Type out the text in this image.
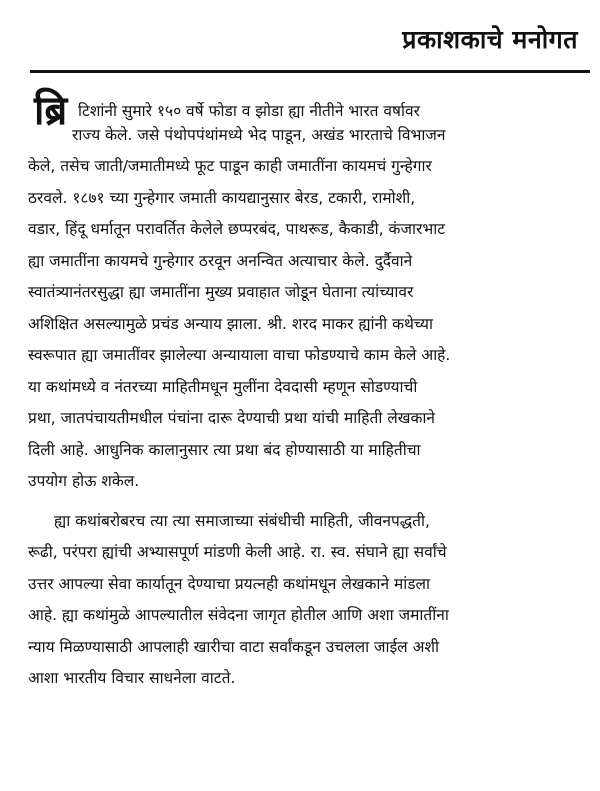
प्रकाशकाचे मनोगत
ब्रि टिशांनी सुमारे १५० वर्षे फोडा व झोडा ह्या नीतीने भारत वर्षावर
राज्य केले. जसे पंथोपपंथांमध्ये भेद पाडून, अखंड भारताचे विभाजन
केले, तसेच जाती/जमातीमध्ये फूट पाडून काही जमातींना कायमचं गुन्हेगार
ठरवले. १८७१ च्या गुन्हेगार जमाती कायद्यानुसार बेरड, टकारी, रामोशी,
वडार, हिंदू धर्मातून परावर्तित केलेले छप्परबंद, पाथरूड, कैकाडी, कंजारभाट
ह्या जमातींना कायमचे गुन्हेगार ठरवून अनन्वित अत्याचार केले. दुर्दैवाने
स्वातंत्र्यानंतरसुद्धा ह्या जमातींना मुख्य प्रवाहात जोडून घेताना त्यांच्यावर
अशिक्षित असल्यामुळे प्रचंड अन्याय झाला. श्री. शरद माकर ह्यांनी कथेच्या
स्वरूपात ह्या जमातींवर झालेल्या अन्यायाला वाचा फोडण्याचे काम केले आहे.
या कथांमध्ये व नंतरच्या माहितीमधून मुलींना देवदासी म्हणून सोडण्याची
प्रथा, जातपंचायतीमधील पंचांना दारू देण्याची प्रथा यांची माहिती लेखकाने
दिली आहे. आधुनिक कालानुसार त्या प्रथा बंद होण्यासाठी या माहितीचा
उपयोग होऊ शकेल.
ह्या कथांबरोबरच त्या त्या समाजाच्या संबंधीची माहिती, जीवनपद्धती,
रूढी, परंपरा ह्यांची अभ्यासपूर्ण मांडणी केली आहे. रा. स्व. संघाने ह्या सर्वांचे
उत्तर आपल्या सेवा कार्यातून देण्याचा प्रयत्नही कथांमधून लेखकाने मांडला
आहे. ह्या कथांमुळे आपल्यातील संवेदना जागृत होतील आणि अशा जमातींना
न्याय मिळण्यासाठी आपलाही खारीचा वाटा सर्वांकडून उचलला जाईल अशी
आशा भारतीय विचार साधनेला वाटते.
